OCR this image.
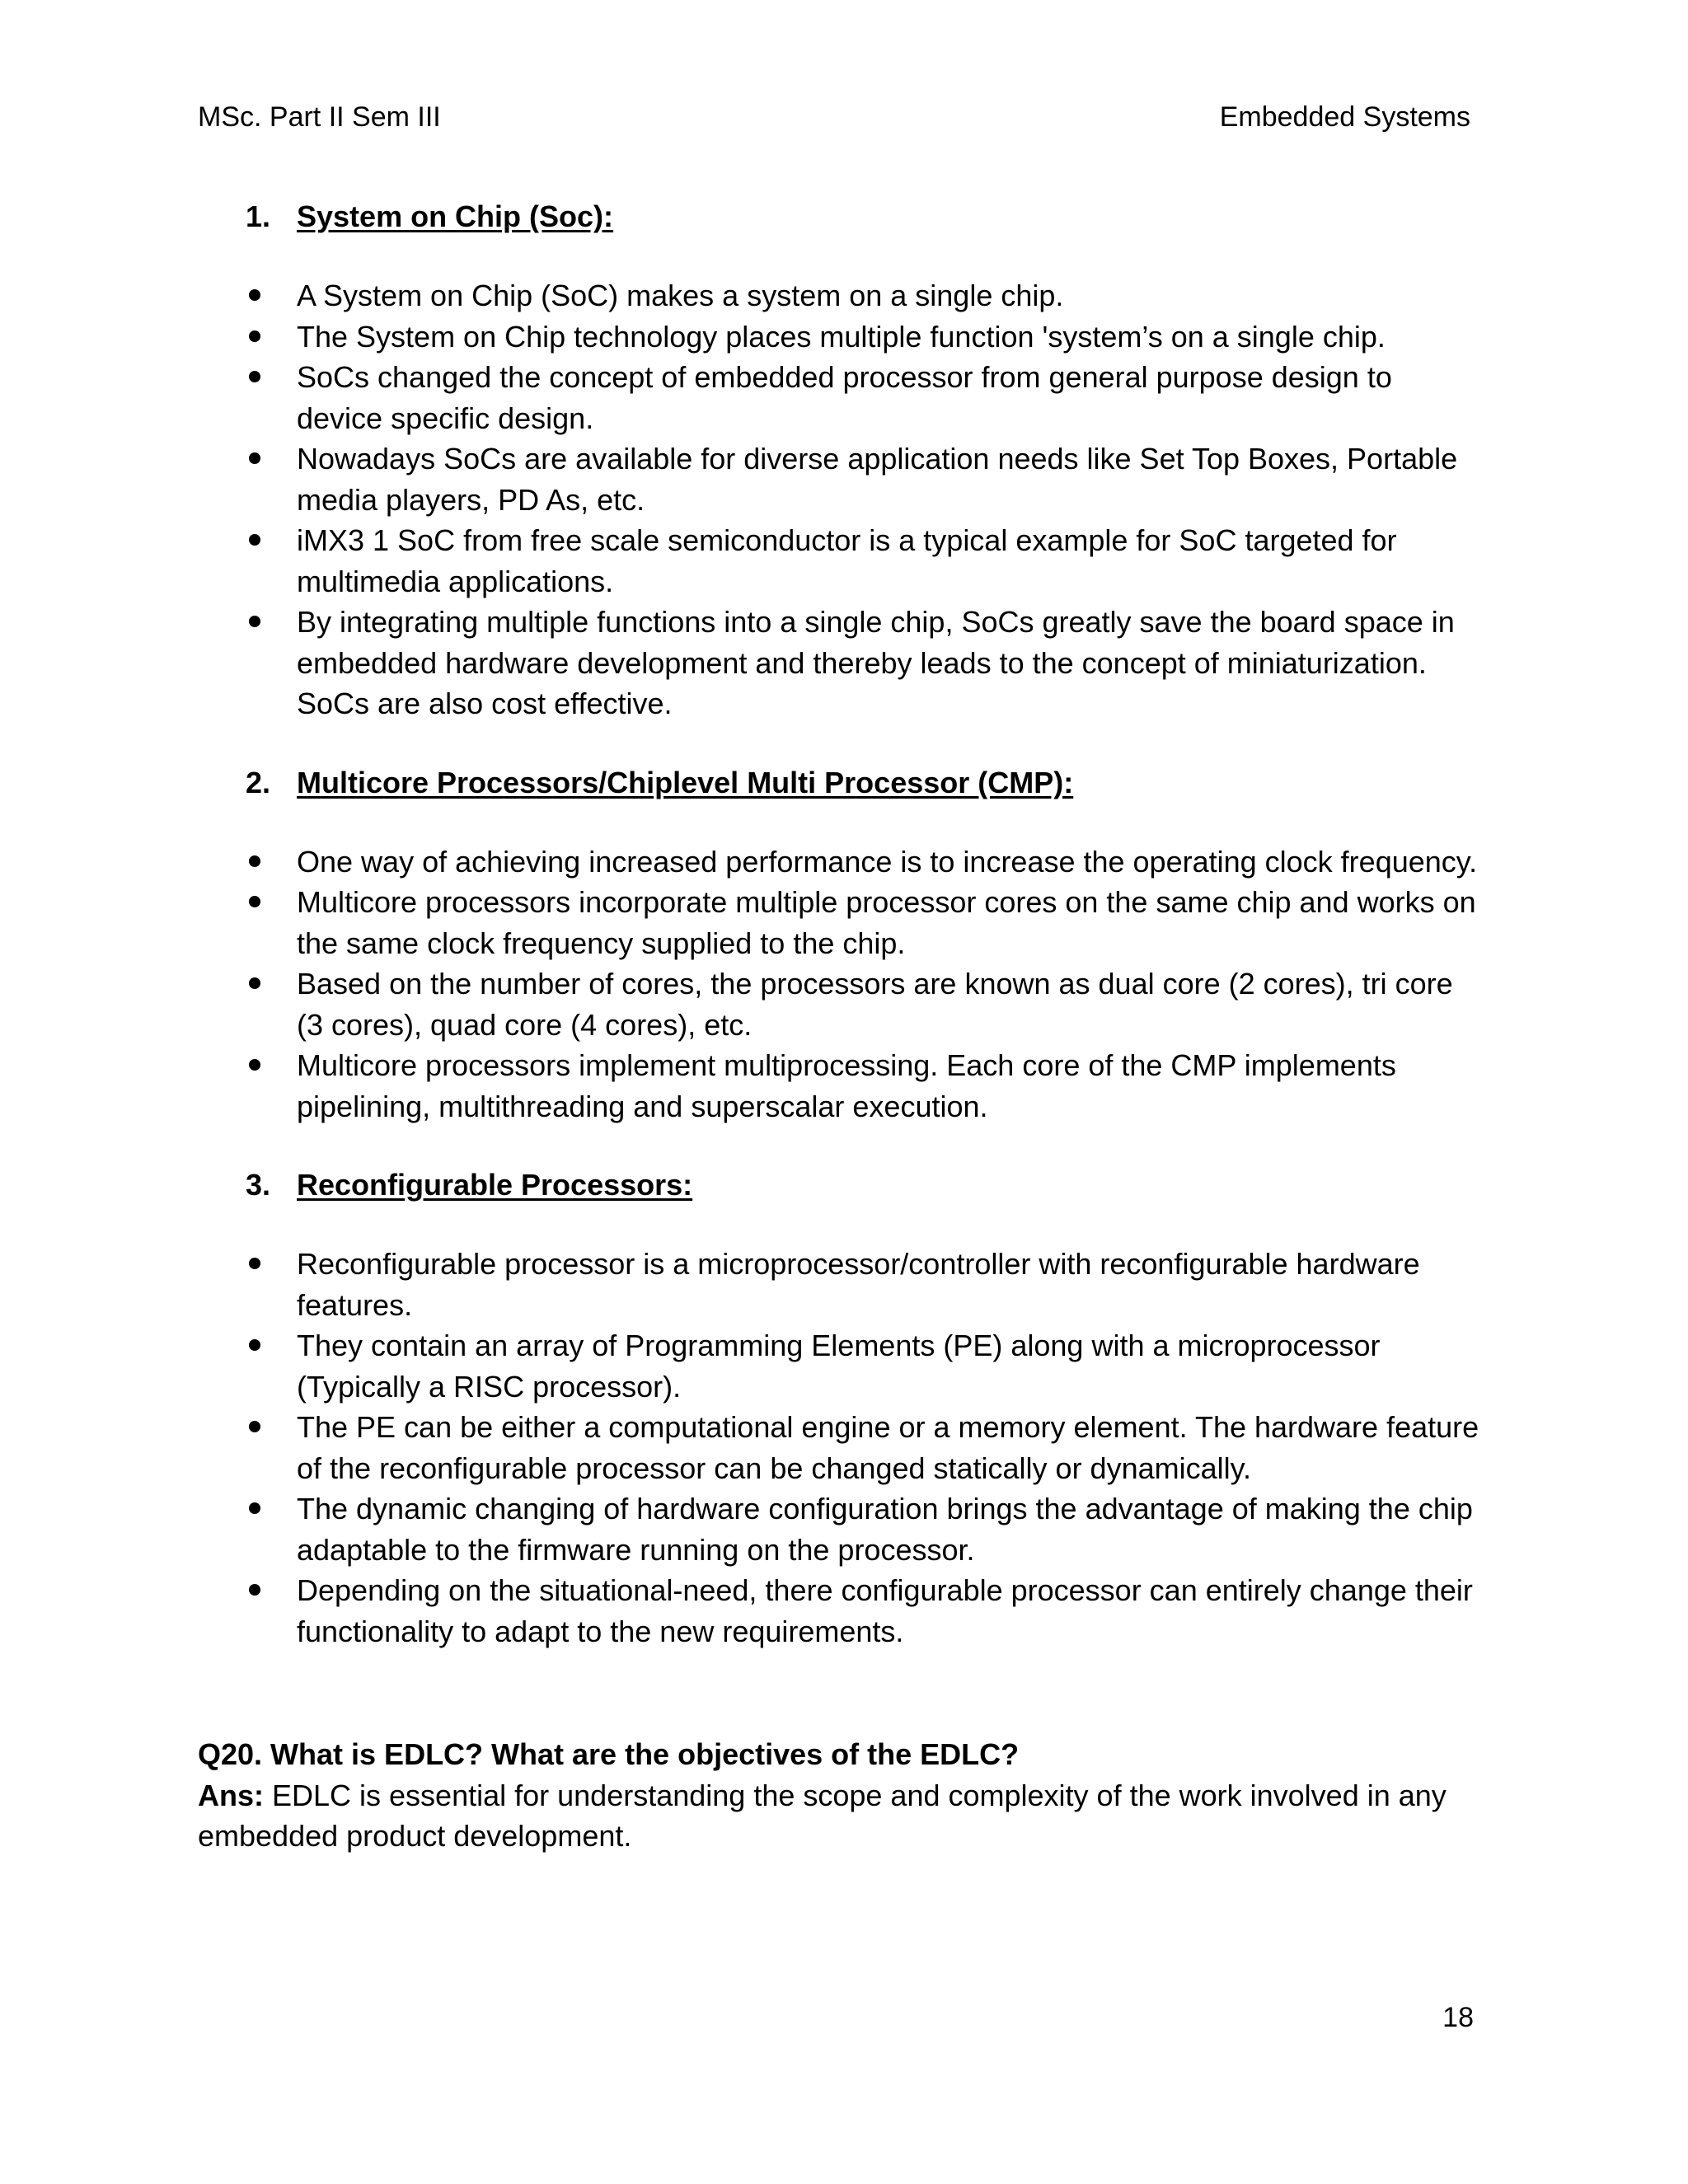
MSc. Part II Sem III	Embedded Systems
1. System on Chip (Soc):
A System on Chip (SoC) makes a system on a single chip.
The System on Chip technology places multiple function 'system’s on a single chip.
SoCs changed the concept of embedded processor from general purpose design to device specific design.
Nowadays SoCs are available for diverse application needs like Set Top Boxes, Portable media players, PD As, etc.
iMX3 1 SoC from free scale semiconductor is a typical example for SoC targeted for multimedia applications.
By integrating multiple functions into a single chip, SoCs greatly save the board space in embedded hardware development and thereby leads to the concept of miniaturization. SoCs are also cost effective.
2. Multicore Processors/Chiplevel Multi Processor (CMP):
One way of achieving increased performance is to increase the operating clock frequency.
Multicore processors incorporate multiple processor cores on the same chip and works on the same clock frequency supplied to the chip.
Based on the number of cores, the processors are known as dual core (2 cores), tri core (3 cores), quad core (4 cores), etc.
Multicore processors implement multiprocessing. Each core of the CMP implements pipelining, multithreading and superscalar execution.
3. Reconfigurable Processors:
Reconfigurable processor is a microprocessor/controller with reconfigurable hardware features.
They contain an array of Programming Elements (PE) along with a microprocessor (Typically a RISC processor).
The PE can be either a computational engine or a memory element. The hardware feature of the reconfigurable processor can be changed statically or dynamically.
The dynamic changing of hardware configuration brings the advantage of making the chip adaptable to the firmware running on the processor.
Depending on the situational-need, there configurable processor can entirely change their functionality to adapt to the new requirements.
Q20. What is EDLC? What are the objectives of the EDLC?
Ans: EDLC is essential for understanding the scope and complexity of the work involved in any embedded product development.
18
